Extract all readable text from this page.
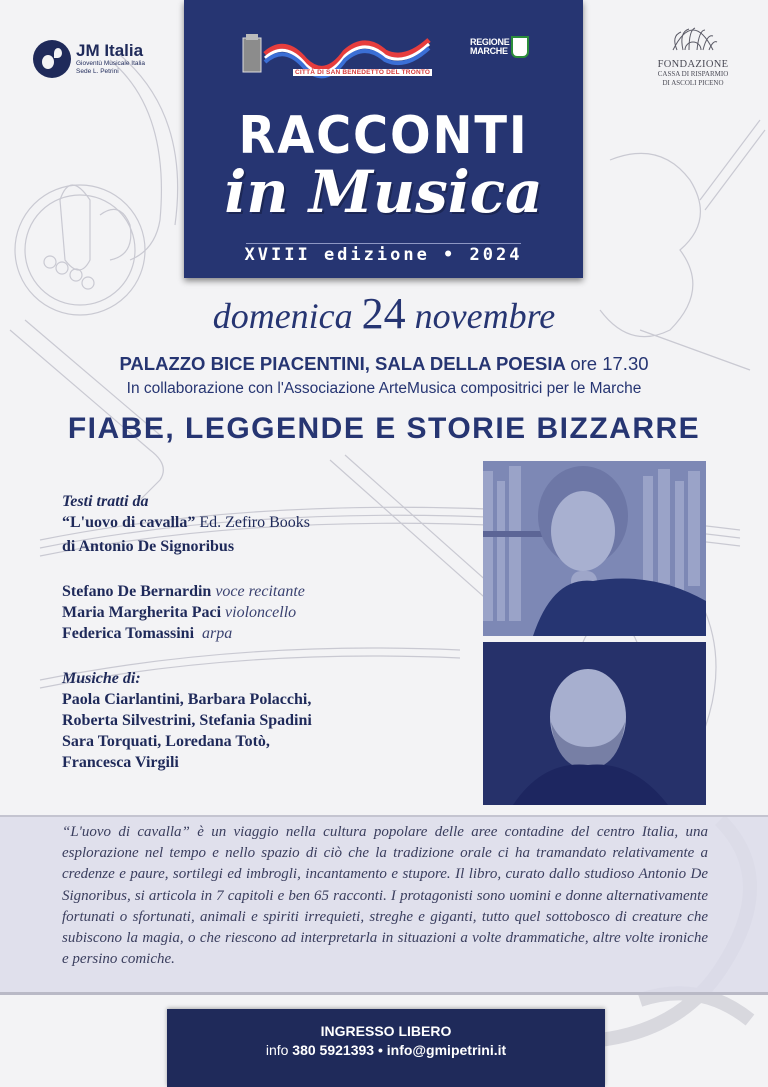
JM Italia
Gioventù Musicale Italia
Sede L. Petrini
FONDAZIONE
CASSA DI RISPARMIO
DI ASCOLI PICENO
CITTÀ DI SAN BENEDETTO DEL TRONTO
REGIONE
MARCHE
RACCONTI
in Musica
XVIII edizione • 2024
domenica 24 novembre
PALAZZO BICE PIACENTINI, SALA DELLA POESIA ore 17.30
In collaborazione con l'Associazione ArteMusica compositrici per le Marche
FIABE, LEGGENDE E STORIE BIZZARRE
Testi tratti da
“L'uovo di cavalla” Ed. Zefiro Books
di Antonio De Signoribus
Stefano De Bernardin voce recitante
Maria Margherita Paci violoncello
Federica Tomassini arpa
Musiche di:
Paola Ciarlantini, Barbara Polacchi,
Roberta Silvestrini, Stefania Spadini
Sara Torquati, Loredana Totò,
Francesca Virgili
“L'uovo di cavalla” è un viaggio nella cultura popolare delle aree contadine del centro Italia, una esplorazione nel tempo e nello spazio di ciò che la tradizione orale ci ha tramandato relativamente a credenze e paure, sortilegi ed imbrogli, incantamento e stupore. Il libro, curato dallo studioso Antonio De Signoribus, si articola in 7 capitoli e ben 65 racconti. I protagonisti sono uomini e donne alternativamente fortunati o sfortunati, animali e spiriti irrequieti, streghe e giganti, tutto quel sottobosco di creature che subiscono la magia, o che riescono ad interpretarla in situazioni a volte drammatiche, altre volte ironiche e persino comiche.
INGRESSO LIBERO
info 380 5921393 • info@gmipetrini.it
